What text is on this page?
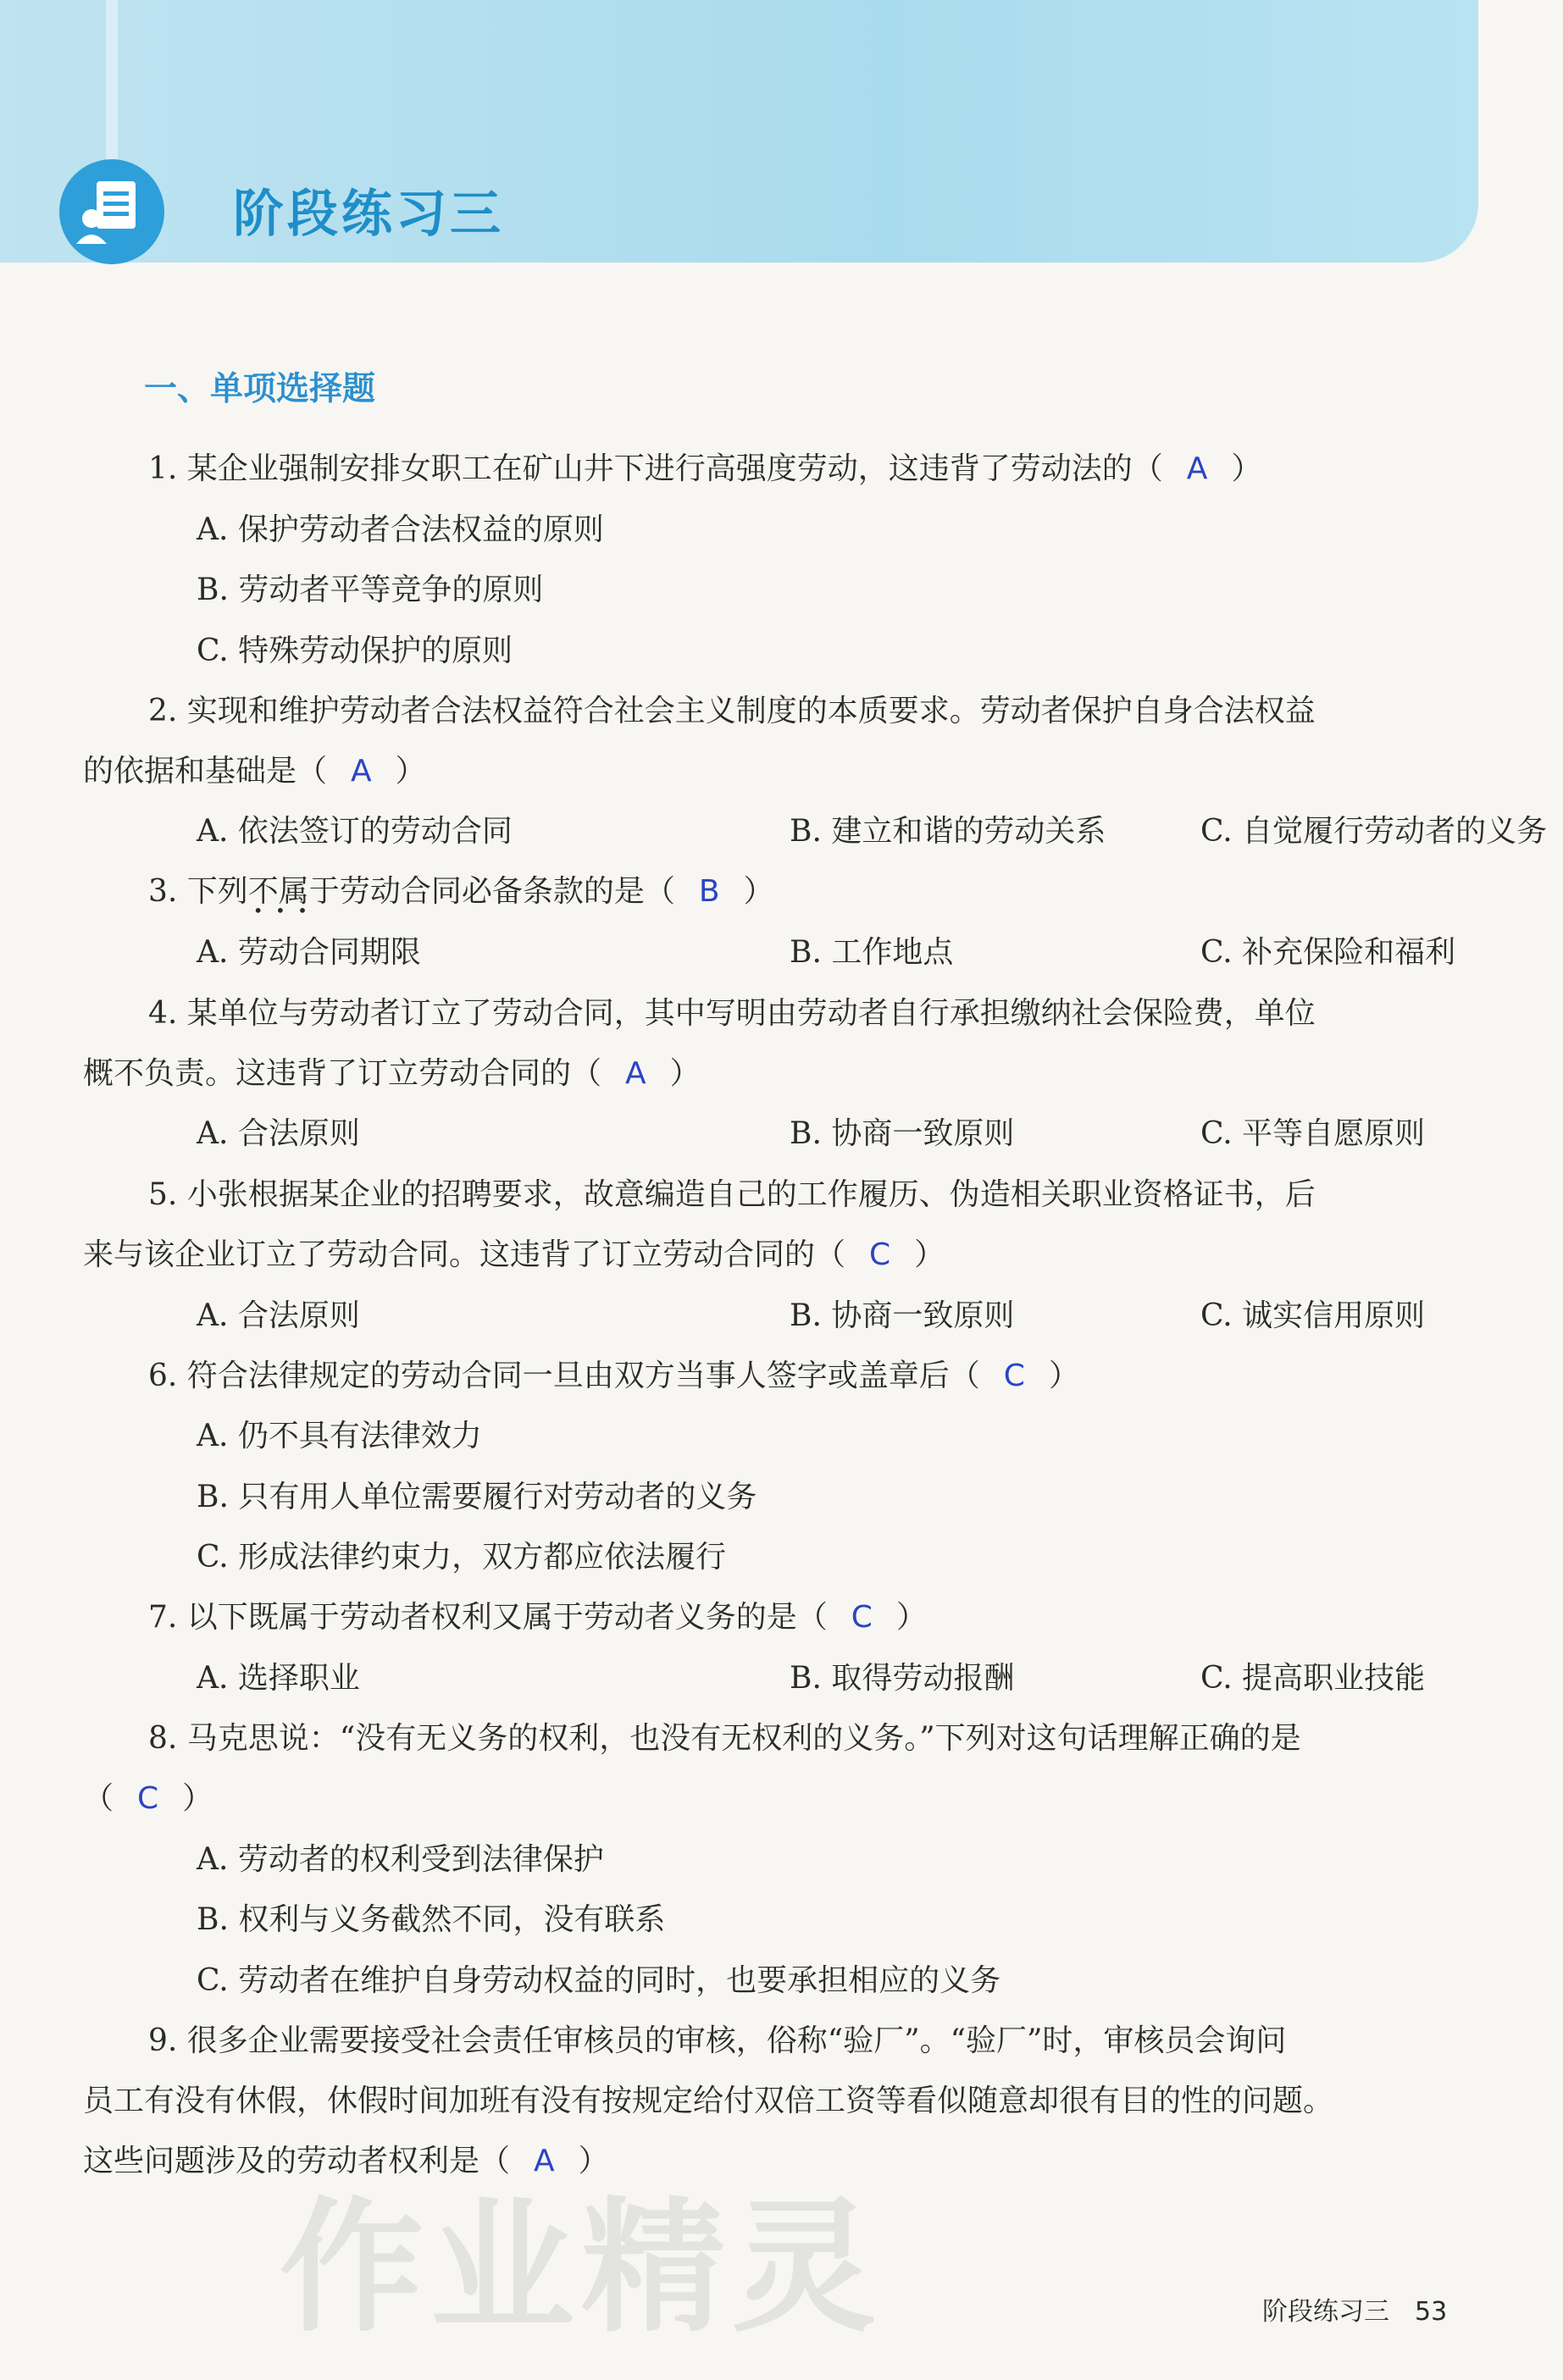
阶段练习三
一、单项选择题
1. 某企业强制安排女职工在矿山井下进行高强度劳动，这违背了劳动法的（ A ）
A. 保护劳动者合法权益的原则
B. 劳动者平等竞争的原则
C. 特殊劳动保护的原则
2. 实现和维护劳动者合法权益符合社会主义制度的本质要求。劳动者保护自身合法权益
的依据和基础是（ A ）
A. 依法签订的劳动合同	B. 建立和谐的劳动关系	C. 自觉履行劳动者的义务
3. 下列不属于 • • •劳动合同必备条款的是（ B ）
A. 劳动合同期限	B. 工作地点	C. 补充保险和福利
4. 某单位与劳动者订立了劳动合同，其中写明由劳动者自行承担缴纳社会保险费，单位
概不负责。这违背了订立劳动合同的（ A ）
A. 合法原则	B. 协商一致原则	C. 平等自愿原则
5. 小张根据某企业的招聘要求，故意编造自己的工作履历、伪造相关职业资格证书，后
来与该企业订立了劳动合同。这违背了订立劳动合同的（ C ）
A. 合法原则	B. 协商一致原则	C. 诚实信用原则
6. 符合法律规定的劳动合同一旦由双方当事人签字或盖章后（ C ）
A. 仍不具有法律效力
B. 只有用人单位需要履行对劳动者的义务
C. 形成法律约束力，双方都应依法履行
7. 以下既属于劳动者权利又属于劳动者义务的是（ C ）
A. 选择职业	B. 取得劳动报酬	C. 提高职业技能
8. 马克思说：“没有无义务的权利，也没有无权利的义务。”下列对这句话理解正确的是
（ C ）
A. 劳动者的权利受到法律保护
B. 权利与义务截然不同，没有联系
C. 劳动者在维护自身劳动权益的同时，也要承担相应的义务
9. 很多企业需要接受社会责任审核员的审核，俗称“验厂”。“验厂”时，审核员会询问
员工有没有休假，休假时间加班有没有按规定给付双倍工资等看似随意却很有目的性的问题。
这些问题涉及的劳动者权利是（ A ）
作业精灵	阶段练习三 53
